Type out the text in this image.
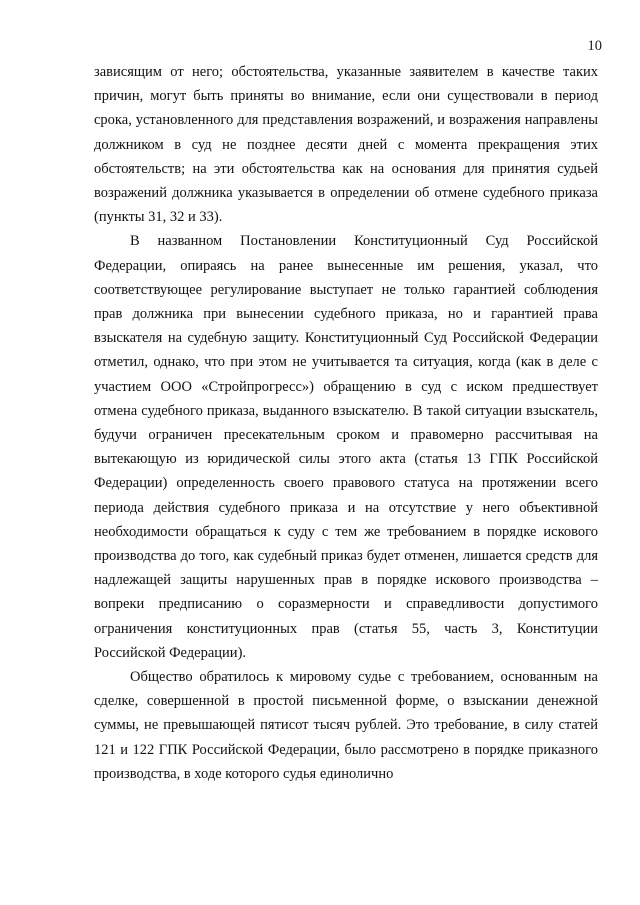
10

зависящим от него; обстоятельства, указанные заявителем в качестве таких причин, могут быть приняты во внимание, если они существовали в период срока, установленного для представления возражений, и возражения направлены должником в суд не позднее десяти дней с момента прекращения этих обстоятельств; на эти обстоятельства как на основания для принятия судьей возражений должника указывается в определении об отмене судебного приказа (пункты 31, 32 и 33).

В названном Постановлении Конституционный Суд Российской Федерации, опираясь на ранее вынесенные им решения, указал, что соответствующее регулирование выступает не только гарантией соблюдения прав должника при вынесении судебного приказа, но и гарантией права взыскателя на судебную защиту. Конституционный Суд Российской Федерации отметил, однако, что при этом не учитывается та ситуация, когда (как в деле с участием ООО «Стройпрогресс») обращению в суд с иском предшествует отмена судебного приказа, выданного взыскателю. В такой ситуации взыскатель, будучи ограничен пресекательным сроком и правомерно рассчитывая на вытекающую из юридической силы этого акта (статья 13 ГПК Российской Федерации) определенность своего правового статуса на протяжении всего периода действия судебного приказа и на отсутствие у него объективной необходимости обращаться к суду с тем же требованием в порядке искового производства до того, как судебный приказ будет отменен, лишается средств для надлежащей защиты нарушенных прав в порядке искового производства – вопреки предписанию о соразмерности и справедливости допустимого ограничения конституционных прав (статья 55, часть 3, Конституции Российской Федерации).

Общество обратилось к мировому судье с требованием, основанным на сделке, совершенной в простой письменной форме, о взыскании денежной суммы, не превышающей пятисот тысяч рублей. Это требование, в силу статей 121 и 122 ГПК Российской Федерации, было рассмотрено в порядке приказного производства, в ходе которого судья единолично
